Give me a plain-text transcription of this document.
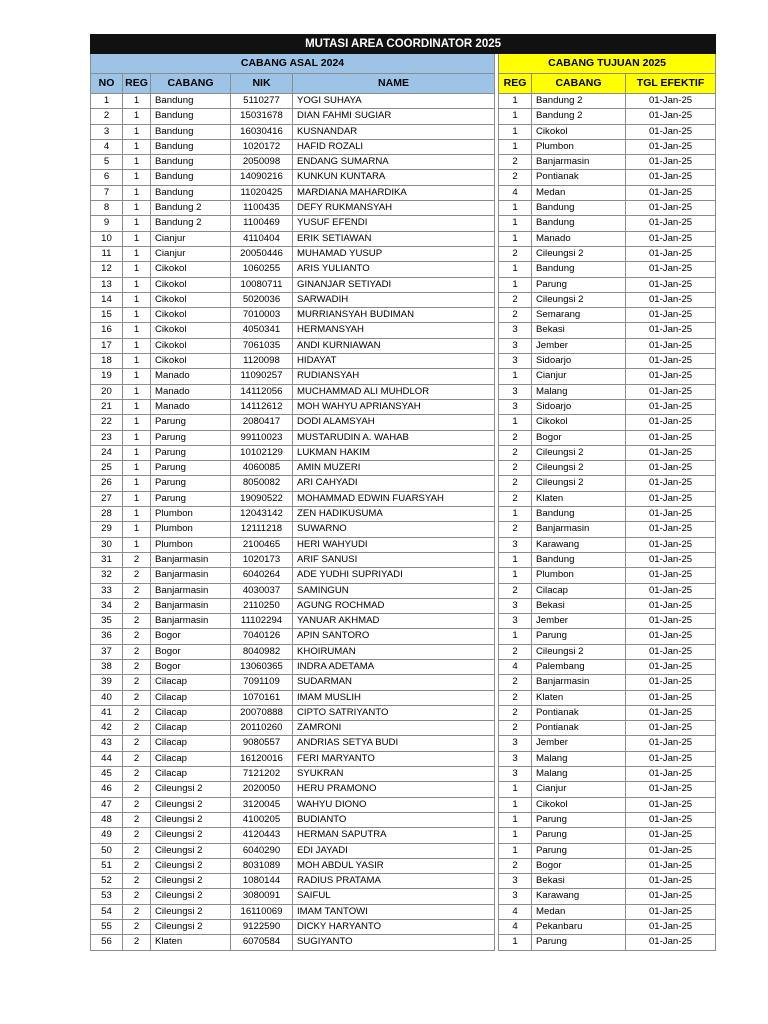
MUTASI AREA COORDINATOR 2025								
CABANG ASAL 2024						CABANG TUJUAN 2025		
NO	REG	CABANG	NIK	NAME		REG	CABANG	TGL EFEKTIF
1	1	Bandung	5110277	YOGI SUHAYA		1	Bandung 2	01-Jan-25
2	1	Bandung	15031678	DIAN FAHMI SUGIAR		1	Bandung 2	01-Jan-25
3	1	Bandung	16030416	KUSNANDAR		1	Cikokol	01-Jan-25
4	1	Bandung	1020172	HAFID ROZALI		1	Plumbon	01-Jan-25
5	1	Bandung	2050098	ENDANG SUMARNA		2	Banjarmasin	01-Jan-25
6	1	Bandung	14090216	KUNKUN KUNTARA		2	Pontianak	01-Jan-25
7	1	Bandung	11020425	MARDIANA MAHARDIKA		4	Medan	01-Jan-25
8	1	Bandung 2	1100435	DEFY RUKMANSYAH		1	Bandung	01-Jan-25
9	1	Bandung 2	1100469	YUSUF EFENDI		1	Bandung	01-Jan-25
10	1	Cianjur	4110404	ERIK SETIAWAN		1	Manado	01-Jan-25
11	1	Cianjur	20050446	MUHAMAD YUSUP		2	Cileungsi 2	01-Jan-25
12	1	Cikokol	1060255	ARIS YULIANTO		1	Bandung	01-Jan-25
13	1	Cikokol	10080711	GINANJAR SETIYADI		1	Parung	01-Jan-25
14	1	Cikokol	5020036	SARWADIH		2	Cileungsi 2	01-Jan-25
15	1	Cikokol	7010003	MURRIANSYAH BUDIMAN		2	Semarang	01-Jan-25
16	1	Cikokol	4050341	HERMANSYAH		3	Bekasi	01-Jan-25
17	1	Cikokol	7061035	ANDI KURNIAWAN		3	Jember	01-Jan-25
18	1	Cikokol	1120098	HIDAYAT		3	Sidoarjo	01-Jan-25
19	1	Manado	11090257	RUDIANSYAH		1	Cianjur	01-Jan-25
20	1	Manado	14112056	MUCHAMMAD ALI MUHDLOR		3	Malang	01-Jan-25
21	1	Manado	14112612	MOH WAHYU APRIANSYAH		3	Sidoarjo	01-Jan-25
22	1	Parung	2080417	DODI ALAMSYAH		1	Cikokol	01-Jan-25
23	1	Parung	99110023	MUSTARUDIN A. WAHAB		2	Bogor	01-Jan-25
24	1	Parung	10102129	LUKMAN HAKIM		2	Cileungsi 2	01-Jan-25
25	1	Parung	4060085	AMIN MUZERI		2	Cileungsi 2	01-Jan-25
26	1	Parung	8050082	ARI CAHYADI		2	Cileungsi 2	01-Jan-25
27	1	Parung	19090522	MOHAMMAD EDWIN FUARSYAH		2	Klaten	01-Jan-25
28	1	Plumbon	12043142	ZEN HADIKUSUMA		1	Bandung	01-Jan-25
29	1	Plumbon	12111218	SUWARNO		2	Banjarmasin	01-Jan-25
30	1	Plumbon	2100465	HERI WAHYUDI		3	Karawang	01-Jan-25
31	2	Banjarmasin	1020173	ARIF SANUSI		1	Bandung	01-Jan-25
32	2	Banjarmasin	6040264	ADE YUDHI SUPRIYADI		1	Plumbon	01-Jan-25
33	2	Banjarmasin	4030037	SAMINGUN		2	Cilacap	01-Jan-25
34	2	Banjarmasin	2110250	AGUNG ROCHMAD		3	Bekasi	01-Jan-25
35	2	Banjarmasin	11102294	YANUAR AKHMAD		3	Jember	01-Jan-25
36	2	Bogor	7040126	APIN SANTORO		1	Parung	01-Jan-25
37	2	Bogor	8040982	KHOIRUMAN		2	Cileungsi 2	01-Jan-25
38	2	Bogor	13060365	INDRA ADETAMA		4	Palembang	01-Jan-25
39	2	Cilacap	7091109	SUDARMAN		2	Banjarmasin	01-Jan-25
40	2	Cilacap	1070161	IMAM MUSLIH		2	Klaten	01-Jan-25
41	2	Cilacap	20070888	CIPTO SATRIYANTO		2	Pontianak	01-Jan-25
42	2	Cilacap	20110260	ZAMRONI		2	Pontianak	01-Jan-25
43	2	Cilacap	9080557	ANDRIAS SETYA BUDI		3	Jember	01-Jan-25
44	2	Cilacap	16120016	FERI MARYANTO		3	Malang	01-Jan-25
45	2	Cilacap	7121202	SYUKRAN		3	Malang	01-Jan-25
46	2	Cileungsi 2	2020050	HERU PRAMONO		1	Cianjur	01-Jan-25
47	2	Cileungsi 2	3120045	WAHYU DIONO		1	Cikokol	01-Jan-25
48	2	Cileungsi 2	4100205	BUDIANTO		1	Parung	01-Jan-25
49	2	Cileungsi 2	4120443	HERMAN SAPUTRA		1	Parung	01-Jan-25
50	2	Cileungsi 2	6040290	EDI JAYADI		1	Parung	01-Jan-25
51	2	Cileungsi 2	8031089	MOH ABDUL YASIR		2	Bogor	01-Jan-25
52	2	Cileungsi 2	1080144	RADIUS PRATAMA		3	Bekasi	01-Jan-25
53	2	Cileungsi 2	3080091	SAIFUL		3	Karawang	01-Jan-25
54	2	Cileungsi 2	16110069	IMAM TANTOWI		4	Medan	01-Jan-25
55	2	Cileungsi 2	9122590	DICKY HARYANTO		4	Pekanbaru	01-Jan-25
56	2	Klaten	6070584	SUGIYANTO		1	Parung	01-Jan-25
